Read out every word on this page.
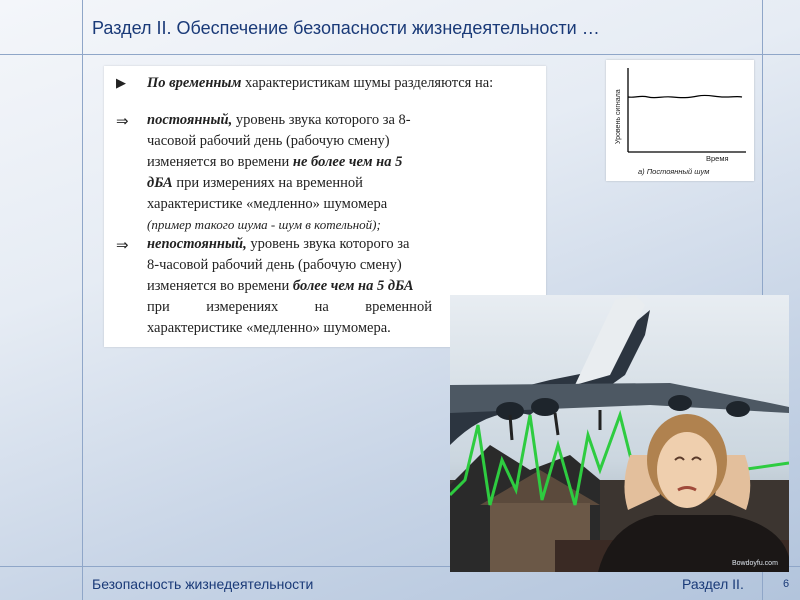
Раздел II. Обеспечение безопасности жизнедеятельности …
▶ По временным характеристикам шумы разделяются на:
⇒ постоянный, уровень звука которого за 8-
часовой рабочий день (рабочую смену)
изменяется во времени не более чем на 5
дБА при измерениях на временной
характеристике «медленно» шумомера
(пример такого шума - шум в котельной);
⇒ непостоянный, уровень звука которого за
8-часовой рабочий день (рабочую смену)
изменяется во времени более чем на 5 дБА
при	измерениях	на	временной
характеристике «медленно» шумомера.
Уровень сигнала
Время
а) Постоянный шум
Bowdoyfu.com
Безопасность жизнедеятельности	Раздел II.	6
